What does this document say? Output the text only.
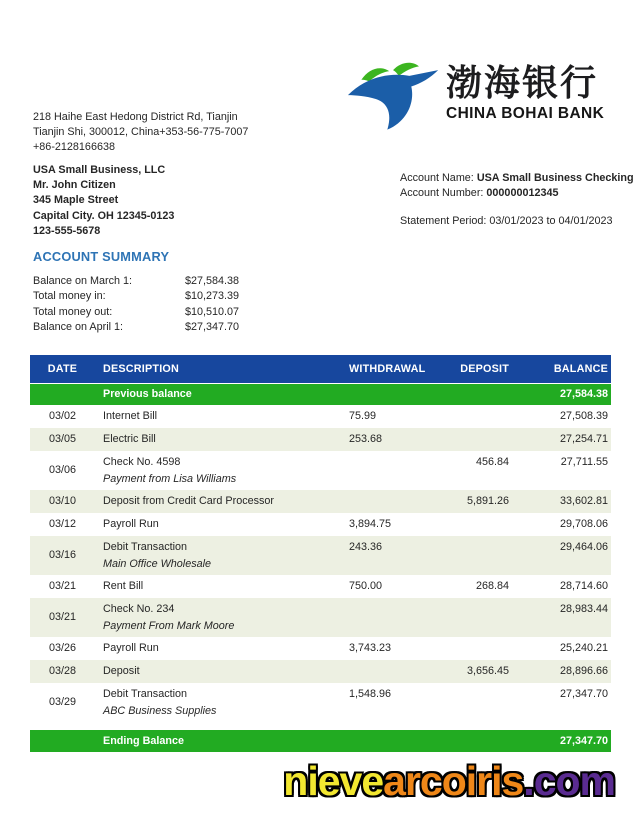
渤海银行
CHINA BOHAI BANK
218 Haihe East Hedong District Rd, Tianjin
Tianjin Shi, 300012, China+353-56-775-7007
+86-2128166638
USA Small Business, LLC
Mr. John Citizen
345 Maple Street
Capital City. OH 12345-0123
123-555-5678
Account Name: USA Small Business Checking
Account Number: 000000012345
Statement Period: 03/01/2023 to 04/01/2023
ACCOUNT SUMMARY
Balance on March 1:	$27,584.38
Total money in:	$10,273.39
Total money out:	$10,510.07
Balance on April 1:	$27,347.70
DATE	DESCRIPTION	WITHDRAWAL	DEPOSIT	BALANCE
	Previous balance			27,584.38
03/02	Internet Bill	75.99		27,508.39
03/05	Electric Bill	253.68		27,254.71
03/06	Check No. 4598
Payment from Lisa Williams		456.84	27,711.55
03/10	Deposit from Credit Card Processor		5,891.26	33,602.81
03/12	Payroll Run	3,894.75		29,708.06
03/16	Debit Transaction
Main Office Wholesale	243.36		29,464.06
03/21	Rent Bill	750.00	268.84	28,714.60
03/21	Check No. 234
Payment From Mark Moore			28,983.44
03/26	Payroll Run	3,743.23		25,240.21
03/28	Deposit		3,656.45	28,896.66
03/29	Debit Transaction
ABC Business Supplies	1,548.96		27,347.70

	Ending Balance			27,347.70
nievearcoiris.com
